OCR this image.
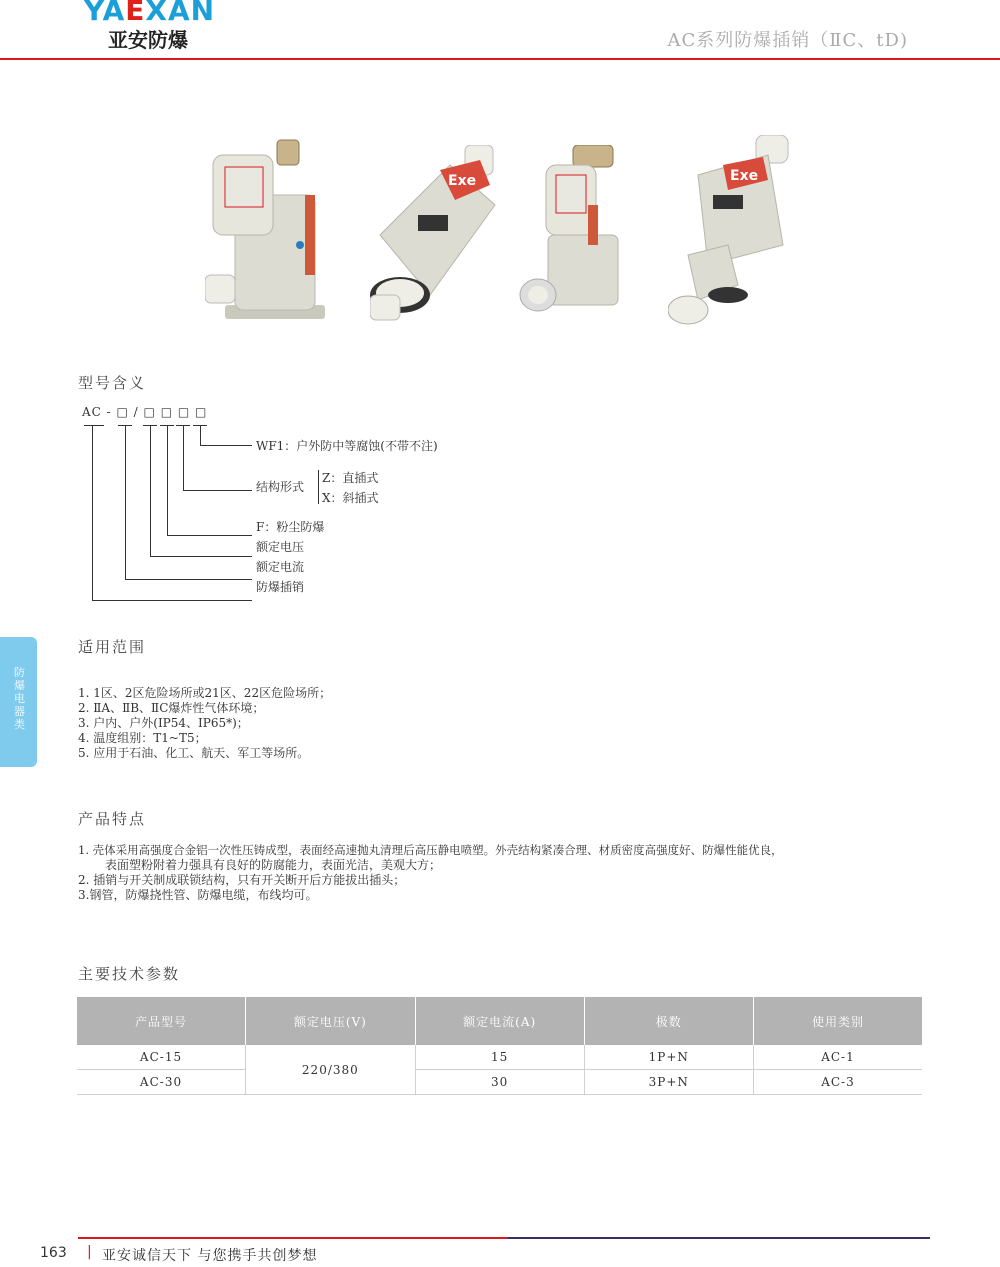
YAEXAN
亚安防爆	AC系列防爆插销（ⅡC、tD)
Exe	Exe
型号含义
AC - □ / □ □ □ □
WF1：户外防中等腐蚀(不带不注)
结构形式
Z：直插式
X：斜插式
F：粉尘防爆
额定电压
额定电流
防爆插销
防爆电器类
适用范围
1. 1区、2区危险场所或21区、22区危险场所；
2. ⅡA、ⅡB、ⅡC爆炸性气体环境；
3. 户内、户外(IP54、IP65*)；
4. 温度组别：T1~T5；
5. 应用于石油、化工、航天、军工等场所。
产品特点
1. 壳体采用高强度合金铝一次性压铸成型，表面经高速抛丸清理后高压静电喷塑。外壳结构紧凑合理、材质密度高强度好、防爆性能优良，
表面塑粉附着力强具有良好的防腐能力，表面光洁，美观大方；
2. 插销与开关制成联锁结构，只有开关断开后方能拔出插头；
3.钢管，防爆挠性管、防爆电缆，布线均可。
主要技术参数
产品型号	额定电压(V)	额定电流(A)	极数	使用类别
AC-15	220/380	15	1P+N	AC-1
AC-30		30	3P+N	AC-3
163 | 亚安诚信天下 与您携手共创梦想
